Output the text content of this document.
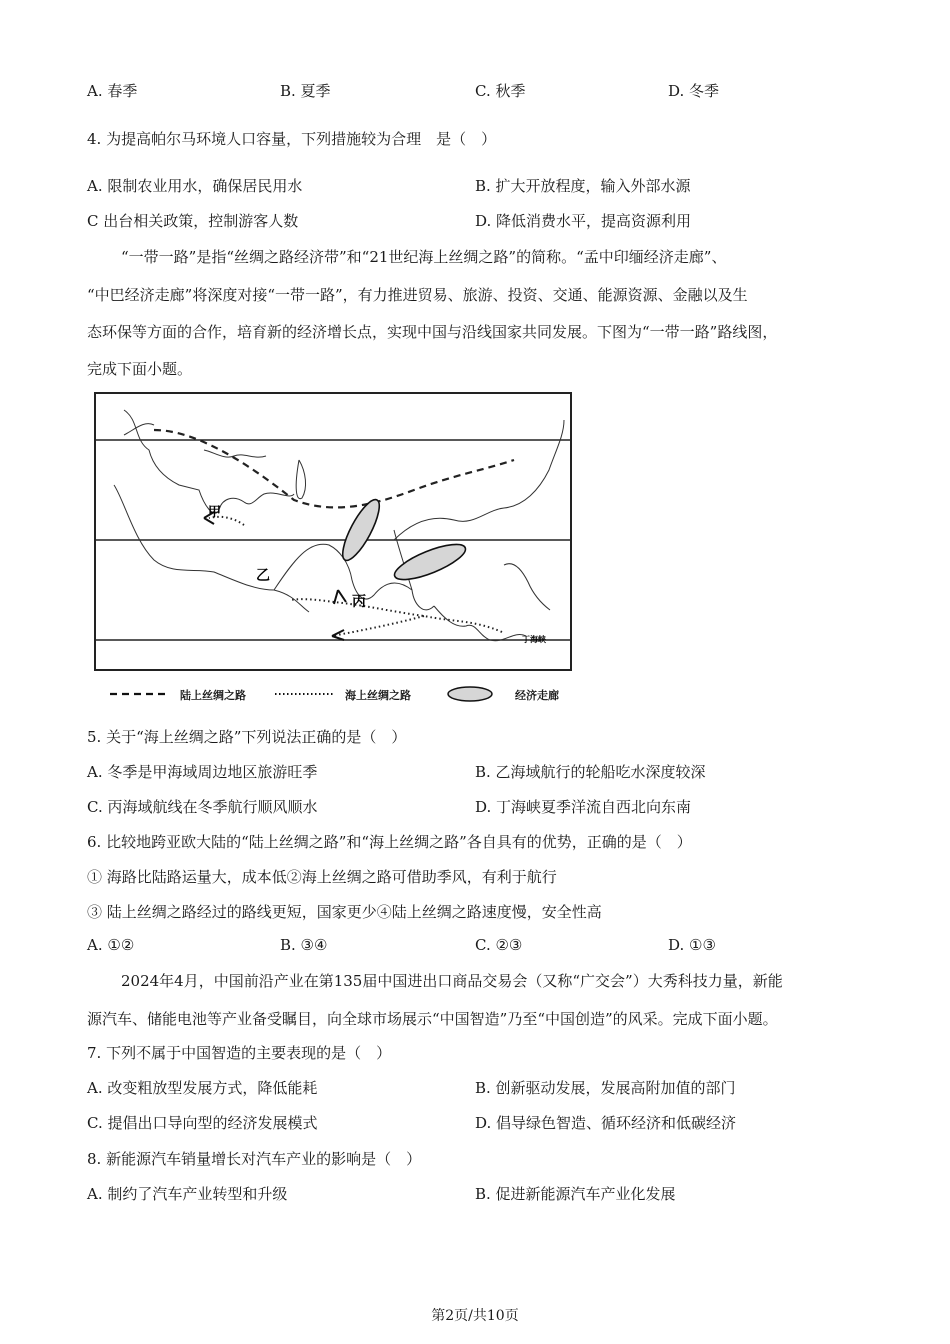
A. 春季	B. 夏季	C. 秋季	D. 冬季
4. 为提高帕尔马环境人口容量，下列措施较为合理　是（　）
A. 限制农业用水，确保居民用水	B. 扩大开放程度，输入外部水源
C 出台相关政策，控制游客人数	D. 降低消费水平，提高资源利用
“一带一路”是指“丝绸之路经济带”和“21世纪海上丝绸之路”的简称。“孟中印缅经济走廊”、
“中巴经济走廊”将深度对接“一带一路”，有力推进贸易、旅游、投资、交通、能源资源、金融以及生
态环保等方面的合作，培育新的经济增长点，实现中国与沿线国家共同发展。下图为“一带一路”路线图，
完成下面小题。
甲
乙
丙
丁海峡
陆上丝绸之路	海上丝绸之路	经济走廊
5. 关于“海上丝绸之路”下列说法正确的是（　）
A. 冬季是甲海域周边地区旅游旺季	B. 乙海域航行的轮船吃水深度较深
C. 丙海域航线在冬季航行顺风顺水	D. 丁海峡夏季洋流自西北向东南
6. 比较地跨亚欧大陆的“陆上丝绸之路”和“海上丝绸之路”各自具有的优势，正确的是（　）
① 海路比陆路运量大，成本低②海上丝绸之路可借助季风，有利于航行
③ 陆上丝绸之路经过的路线更短，国家更少④陆上丝绸之路速度慢，安全性高
A. ①②	B. ③④	C. ②③	D. ①③
2024年4月，中国前沿产业在第135届中国进出口商品交易会（又称“广交会”）大秀科技力量，新能
源汽车、储能电池等产业备受瞩目，向全球市场展示“中国智造”乃至“中国创造”的风采。完成下面小题。
7. 下列不属于中国智造的主要表现的是（　）
A. 改变粗放型发展方式，降低能耗	B. 创新驱动发展，发展高附加值的部门
C. 提倡出口导向型的经济发展模式	D. 倡导绿色智造、循环经济和低碳经济
8. 新能源汽车销量增长对汽车产业的影响是（　）
A. 制约了汽车产业转型和升级	B. 促进新能源汽车产业化发展
第2页/共10页
